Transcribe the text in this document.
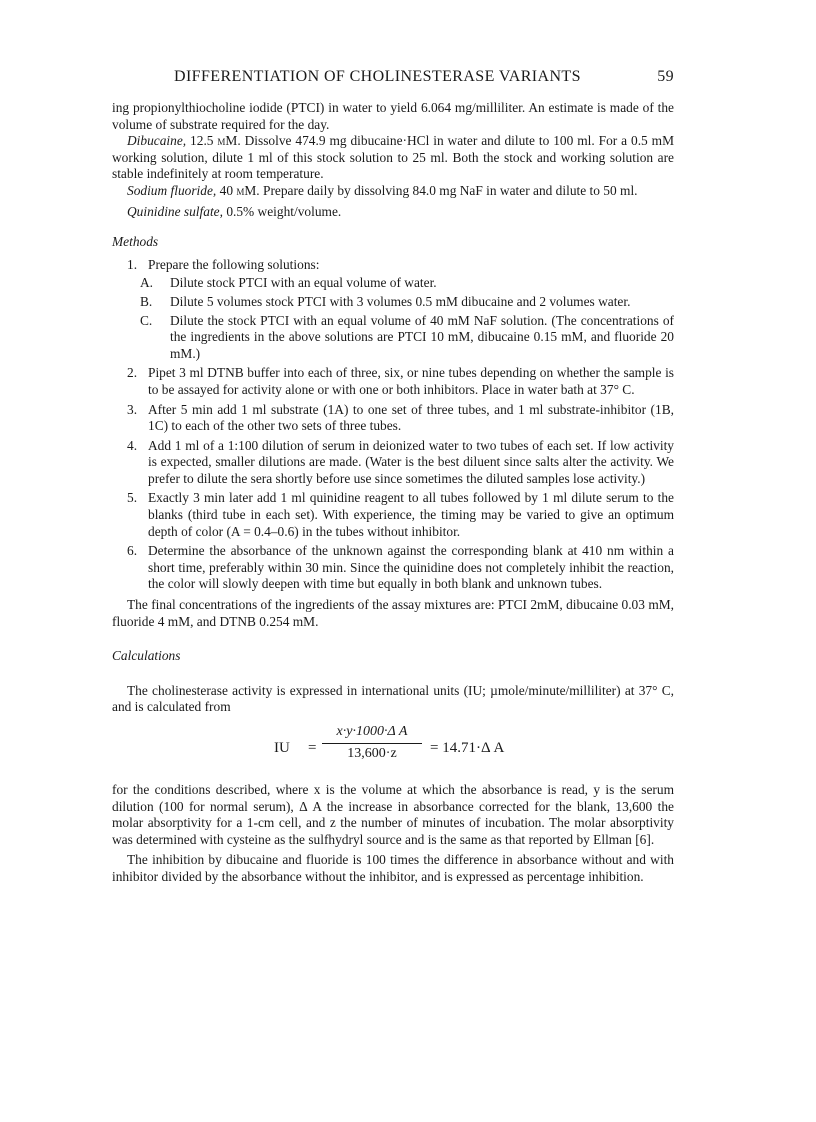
DIFFERENTIATION OF CHOLINESTERASE VARIANTS	59

ing propionylthiocholine iodide (PTCI) in water to yield 6.064 mg/milliliter. An estimate is made of the volume of substrate required for the day.

Dibucaine, 12.5 mM. Dissolve 474.9 mg dibucaine·HCl in water and dilute to 100 ml. For a 0.5 mM working solution, dilute 1 ml of this stock solution to 25 ml. Both the stock and working solution are stable indefinitely at room temperature.

Sodium fluoride, 40 mM. Prepare daily by dissolving 84.0 mg NaF in water and dilute to 50 ml.

Quinidine sulfate, 0.5% weight/volume.

Methods

1. Prepare the following solutions:
A. Dilute stock PTCI with an equal volume of water.
B. Dilute 5 volumes stock PTCI with 3 volumes 0.5 mM dibucaine and 2 volumes water.
C. Dilute the stock PTCI with an equal volume of 40 mM NaF solution. (The concentrations of the ingredients in the above solutions are PTCI 10 mM, dibucaine 0.15 mM, and fluoride 20 mM.)
2. Pipet 3 ml DTNB buffer into each of three, six, or nine tubes depending on whether the sample is to be assayed for activity alone or with one or both inhibitors. Place in water bath at 37° C.
3. After 5 min add 1 ml substrate (1A) to one set of three tubes, and 1 ml substrate-inhibitor (1B, 1C) to each of the other two sets of three tubes.
4. Add 1 ml of a 1:100 dilution of serum in deionized water to two tubes of each set. If low activity is expected, smaller dilutions are made. (Water is the best diluent since salts alter the activity. We prefer to dilute the sera shortly before use since sometimes the diluted samples lose activity.)
5. Exactly 3 min later add 1 ml quinidine reagent to all tubes followed by 1 ml dilute serum to the blanks (third tube in each set). With experience, the timing may be varied to give an optimum depth of color (A = 0.4–0.6) in the tubes without inhibitor.
6. Determine the absorbance of the unknown against the corresponding blank at 410 nm within a short time, preferably within 30 min. Since the quinidine does not completely inhibit the reaction, the color will slowly deepen with time but equally in both blank and unknown tubes.

The final concentrations of the ingredients of the assay mixtures are: PTCI 2mM, dibucaine 0.03 mM, fluoride 4 mM, and DTNB 0.254 mM.

Calculations

The cholinesterase activity is expressed in international units (IU; µmole/minute/milliliter) at 37° C, and is calculated from

IU = $\frac{\text{x·y·1000·Δ A}}{13,600\cdot z} = 14.71\cdot\Delta$ A

for the conditions described, where x is the volume at which the absorbance is read, y is the serum dilution (100 for normal serum), Δ A the increase in absorbance corrected for the blank, 13,600 the molar absorptivity for a 1-cm cell, and z the number of minutes of incubation. The molar absorptivity was determined with cysteine as the sulfhydryl source and is the same as that reported by Ellman [6].

The inhibition by dibucaine and fluoride is 100 times the difference in absorbance without and with inhibitor divided by the absorbance without the inhibitor, and is expressed as percentage inhibition.
